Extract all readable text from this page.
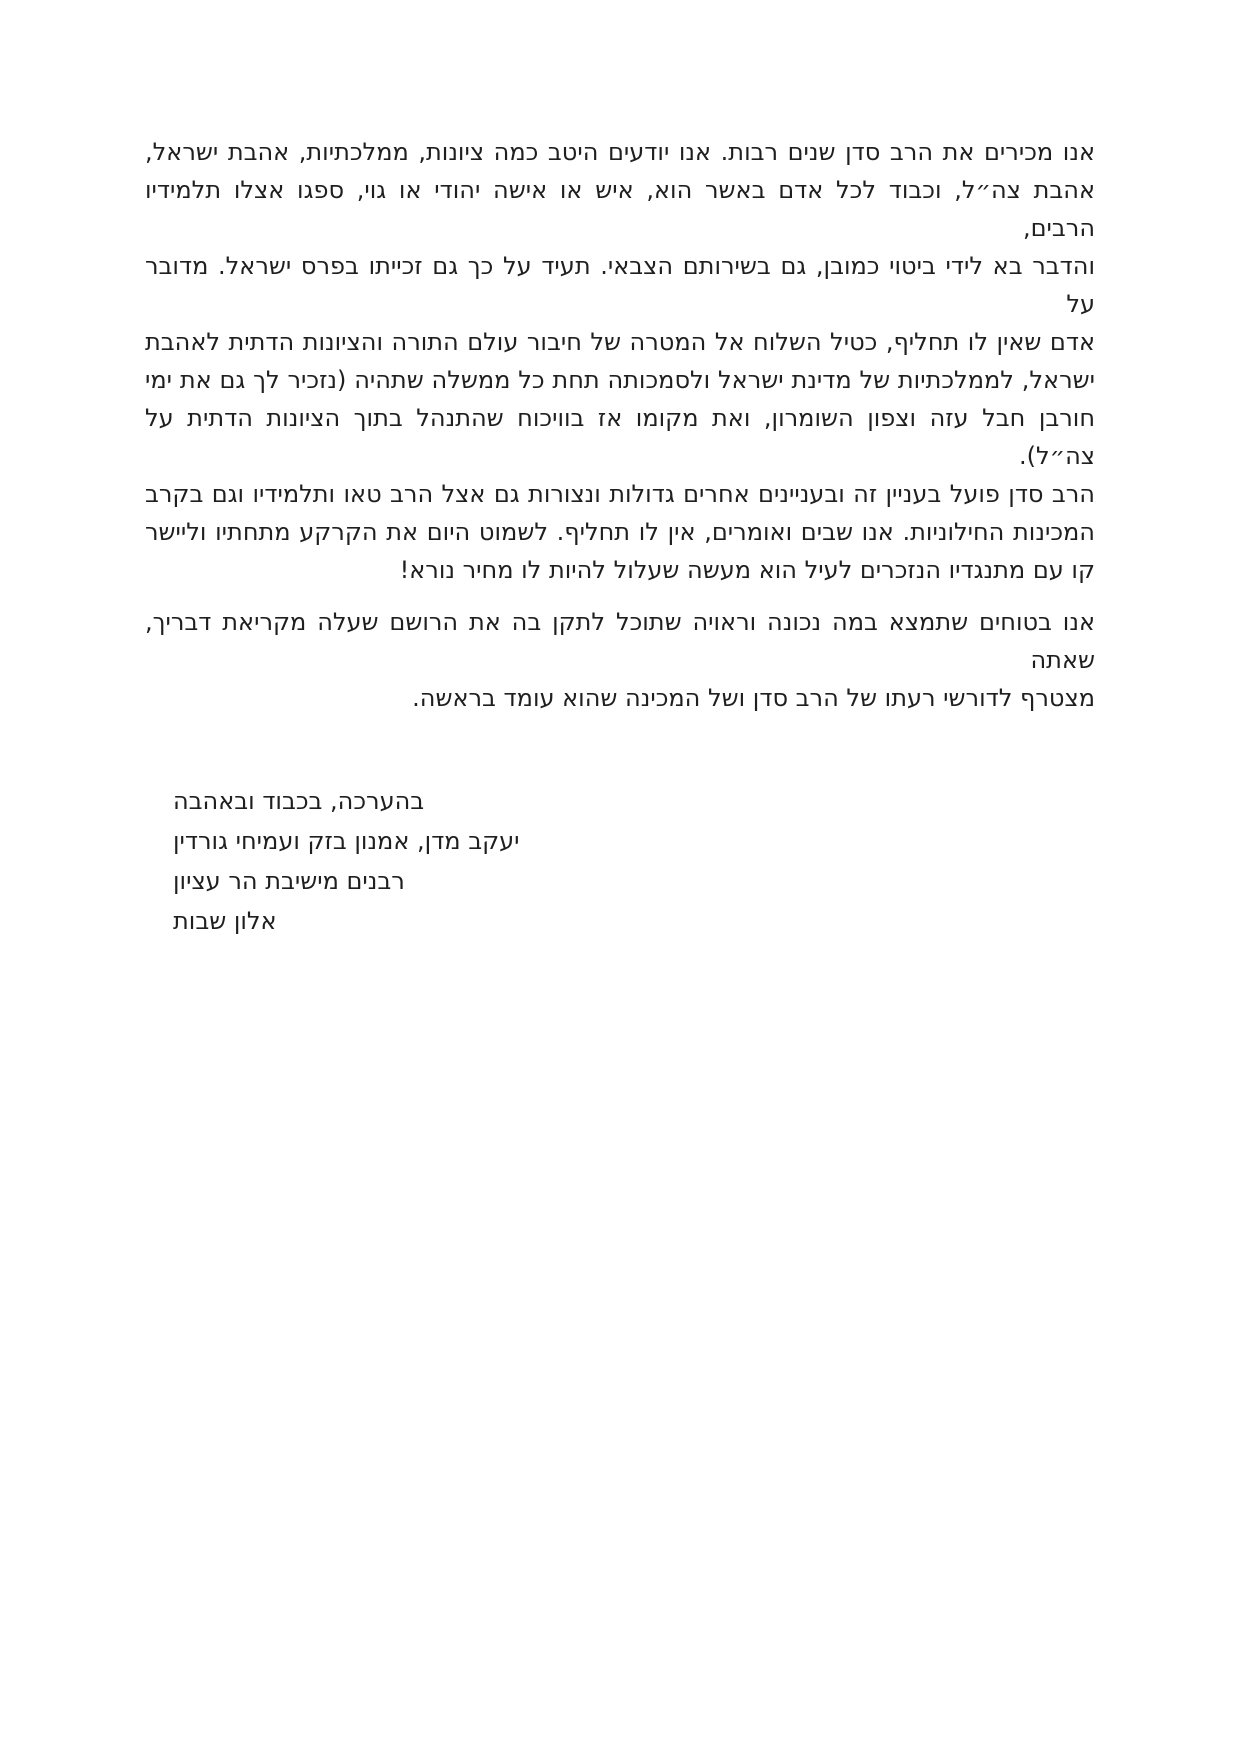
אנו מכירים את הרב סדן שנים רבות. אנו יודעים היטב כמה ציונות, ממלכתיות, אהבת ישראל,
אהבת צה״ל, וכבוד לכל אדם באשר הוא, איש או אישה יהודי או גוי, ספגו אצלו תלמידיו הרבים,
והדבר בא לידי ביטוי כמובן, גם בשירותם הצבאי. תעיד על כך גם זכייתו בפרס ישראל. מדובר על
אדם שאין לו תחליף, כטיל השלוח אל המטרה של חיבור עולם התורה והציונות הדתית לאהבת
ישראל, לממלכתיות של מדינת ישראל ולסמכותה תחת כל ממשלה שתהיה (נזכיר לך גם את ימי
חורבן חבל עזה וצפון השומרון, ואת מקומו אז בוויכוח שהתנהל בתוך הציונות הדתית על צה״ל).
הרב סדן פועל בעניין זה ובעניינים אחרים גדולות ונצורות גם אצל הרב טאו ותלמידיו וגם בקרב
המכינות החילוניות. אנו שבים ואומרים, אין לו תחליף. לשמוט היום את הקרקע מתחתיו וליישר
קו עם מתנגדיו הנזכרים לעיל הוא מעשה שעלול להיות לו מחיר נורא!
אנו בטוחים שתמצא במה נכונה וראויה שתוכל לתקן בה את הרושם שעלה מקריאת דבריך, שאתה
מצטרף לדורשי רעתו של הרב סדן ושל המכינה שהוא עומד בראשה.
בהערכה, בכבוד ובאהבה
יעקב מדן, אמנון בזק ועמיחי גורדין
רבנים מישיבת הר עציון
אלון שבות
